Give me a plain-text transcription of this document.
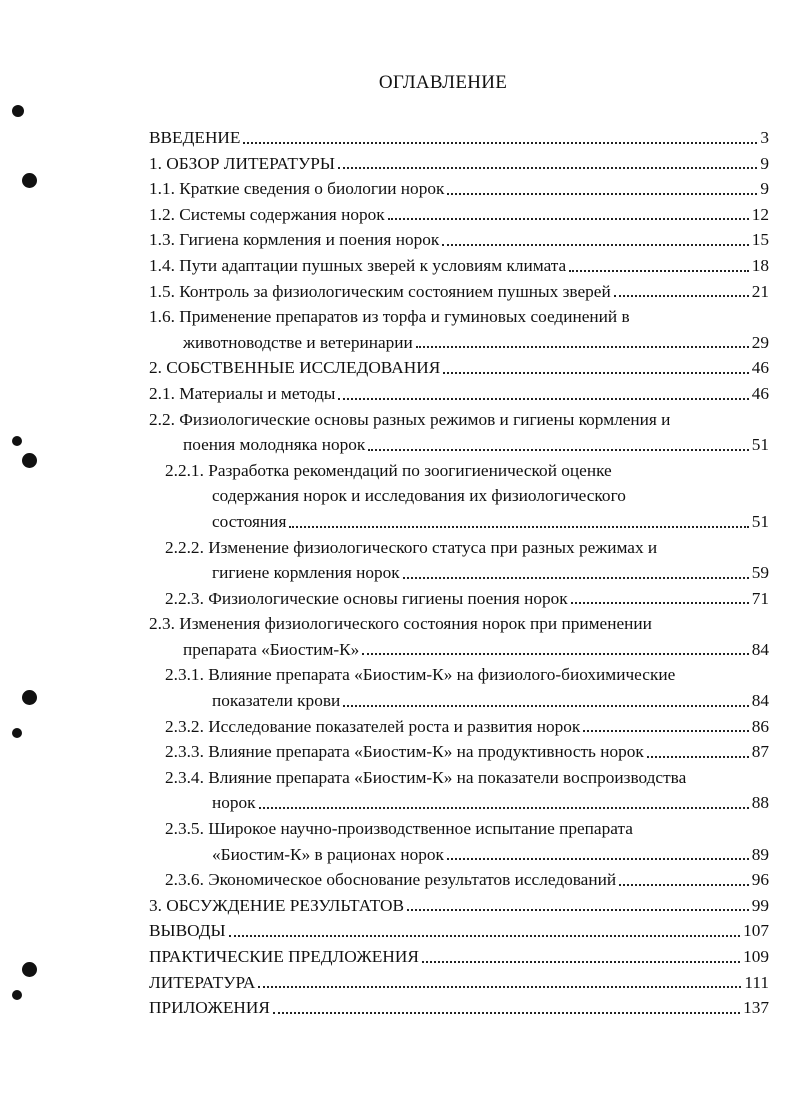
ОГЛАВЛЕНИЕ
ВВЕДЕНИЕ	3
1. ОБЗОР ЛИТЕРАТУРЫ	9
1.1. Краткие сведения о биологии норок	9
1.2. Системы содержания норок	12
1.3. Гигиена кормления и поения норок	15
1.4. Пути адаптации пушных зверей к условиям климата	18
1.5. Контроль за физиологическим состоянием пушных зверей	21
1.6. Применение препаратов из торфа и гуминовых соединений в
животноводстве и ветеринарии	29
2. СОБСТВЕННЫЕ ИССЛЕДОВАНИЯ	46
2.1. Материалы и методы	46
2.2. Физиологические основы разных режимов и гигиены кормления и
поения молодняка норок	51
2.2.1. Разработка рекомендаций по зоогигиенической оценке
содержания норок и исследования их физиологического
состояния	51
2.2.2. Изменение физиологического статуса при разных режимах и
гигиене кормления норок	59
2.2.3. Физиологические основы гигиены поения норок	71
2.3. Изменения физиологического состояния норок при применении
препарата «Биостим-К»	84
2.3.1. Влияние препарата «Биостим-К» на физиолого-биохимические
показатели крови	84
2.3.2. Исследование показателей роста и развития норок	86
2.3.3. Влияние препарата «Биостим-К» на продуктивность норок	87
2.3.4. Влияние препарата «Биостим-К» на показатели воспроизводства
норок	88
2.3.5. Широкое научно-производственное испытание препарата
«Биостим-К» в рационах норок	89
2.3.6. Экономическое обоснование результатов исследований	96
3. ОБСУЖДЕНИЕ РЕЗУЛЬТАТОВ	99
ВЫВОДЫ	107
ПРАКТИЧЕСКИЕ ПРЕДЛОЖЕНИЯ	109
ЛИТЕРАТУРА	111
ПРИЛОЖЕНИЯ	137
